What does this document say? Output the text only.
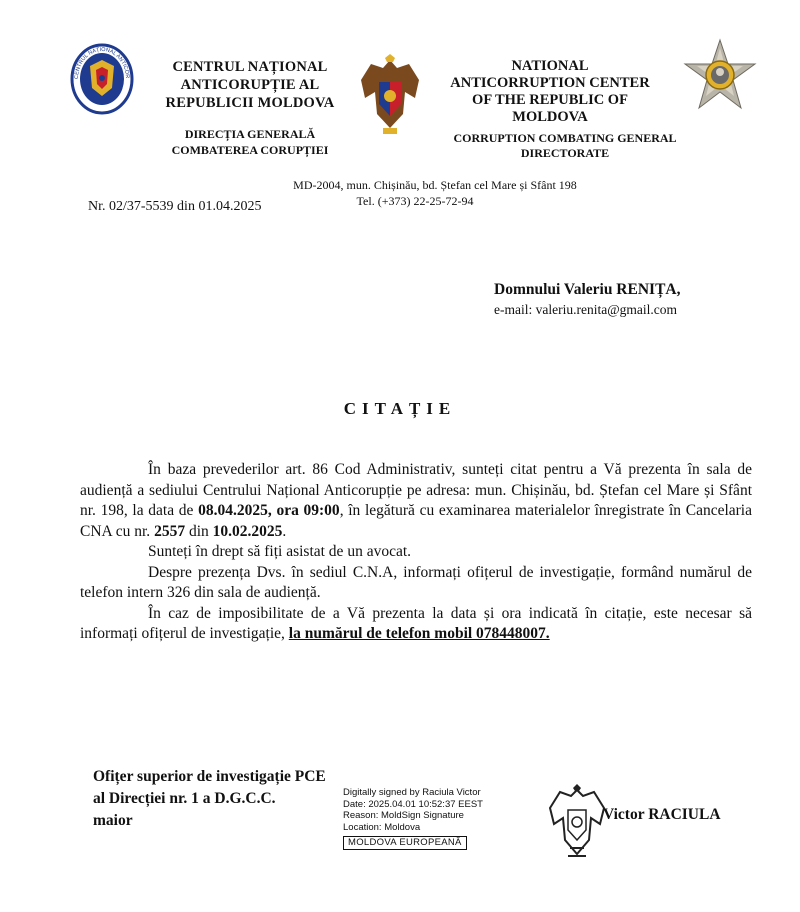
CENTRUL NAȚIONAL ANTICOR
CENTRUL NAȚIONAL
ANTICORUPȚIE AL
REPUBLICII MOLDOVA
DIRECȚIA GENERALĂ
COMBATEREA CORUPȚIEI
NATIONAL
ANTICORRUPTION CENTER
OF THE REPUBLIC OF
MOLDOVA
CORRUPTION COMBATING GENERAL
DIRECTORATE
MD-2004, mun. Chișinău, bd. Ștefan cel Mare și Sfânt 198
Tel. (+373) 22-25-72-94
Nr. 02/37-5539 din 01.04.2025
Domnului Valeriu RENIȚA,
e-mail: valeriu.renita@gmail.com
CITAȚIE

În baza prevederilor art. 86 Cod Administrativ, sunteți citat pentru a Vă prezenta în sala de audiență a sediului Centrului Național Anticorupție pe adresa: mun. Chișinău, bd. Ștefan cel Mare și Sfânt nr. 198, la data de 08.04.2025, ora 09:00, în legătură cu examinarea materialelor înregistrate în Cancelaria CNA cu nr. 2557 din 10.02.2025.

Sunteți în drept să fiți asistat de un avocat.

Despre prezența Dvs. în sediul C.N.A, informați ofițerul de investigație, formând numărul de telefon intern 326 din sala de audiență.

În caz de imposibilitate de a Vă prezenta la data și ora indicată în citație, este necesar să informați ofițerul de investigație, la numărul de telefon mobil 078448007.

Ofițer superior de investigație PCE
al Direcției nr. 1 a D.G.C.C.
maior
Digitally signed by Raciula Victor
Date: 2025.04.01 10:52:37 EEST
Reason: MoldSign Signature
Location: Moldova
MOLDOVA EUROPEANĂ
Victor RACIULA
